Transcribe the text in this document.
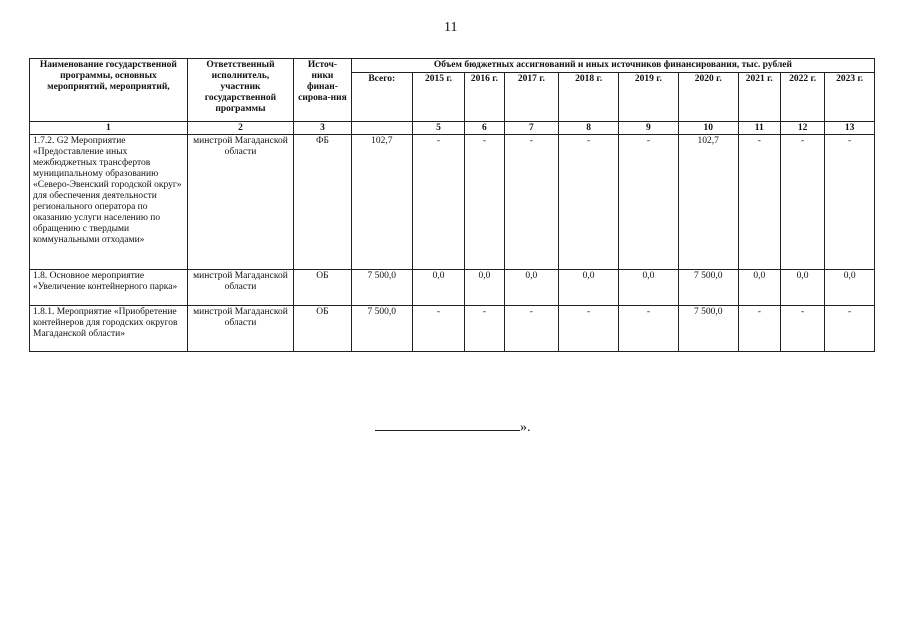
11
Наименование государственной программы, основных мероприятий, мероприятий,	Ответственный исполнитель, участник государственной программы	Источ-ники финан-сирова-ния	Объем бюджетных ассигнований и иных источников финансирования, тыс. рублей									
			Всего:	2015 г.	2016 г.	2017 г.	2018 г.	2019 г.	2020 г.	2021 г.	2022 г.	2023 г.
1	2	3		5	6	7	8	9	10	11	12	13
1.7.2. G2 Мероприятие «Предоставление иных межбюджетных трансфертов муниципальному образованию «Северо-Эвенский городской округ» для обеспечения деятельности регионального оператора по оказанию услуги населению по обращению с твердыми коммунальными отходами»	минстрой Магаданской области	ФБ	102,7	-	-	-	-	-	102,7	-	-	-
1.8. Основное мероприятие «Увеличение контейнерного парка»	минстрой Магаданской области	ОБ	7 500,0	0,0	0,0	0,0	0,0	0,0	7 500,0	0,0	0,0	0,0
1.8.1. Мероприятие «Приобретение контейнеров для городских округов Магаданской области»	минстрой Магаданской области	ОБ	7 500,0	-	-	-	-	-	7 500,0	-	-	-
».
